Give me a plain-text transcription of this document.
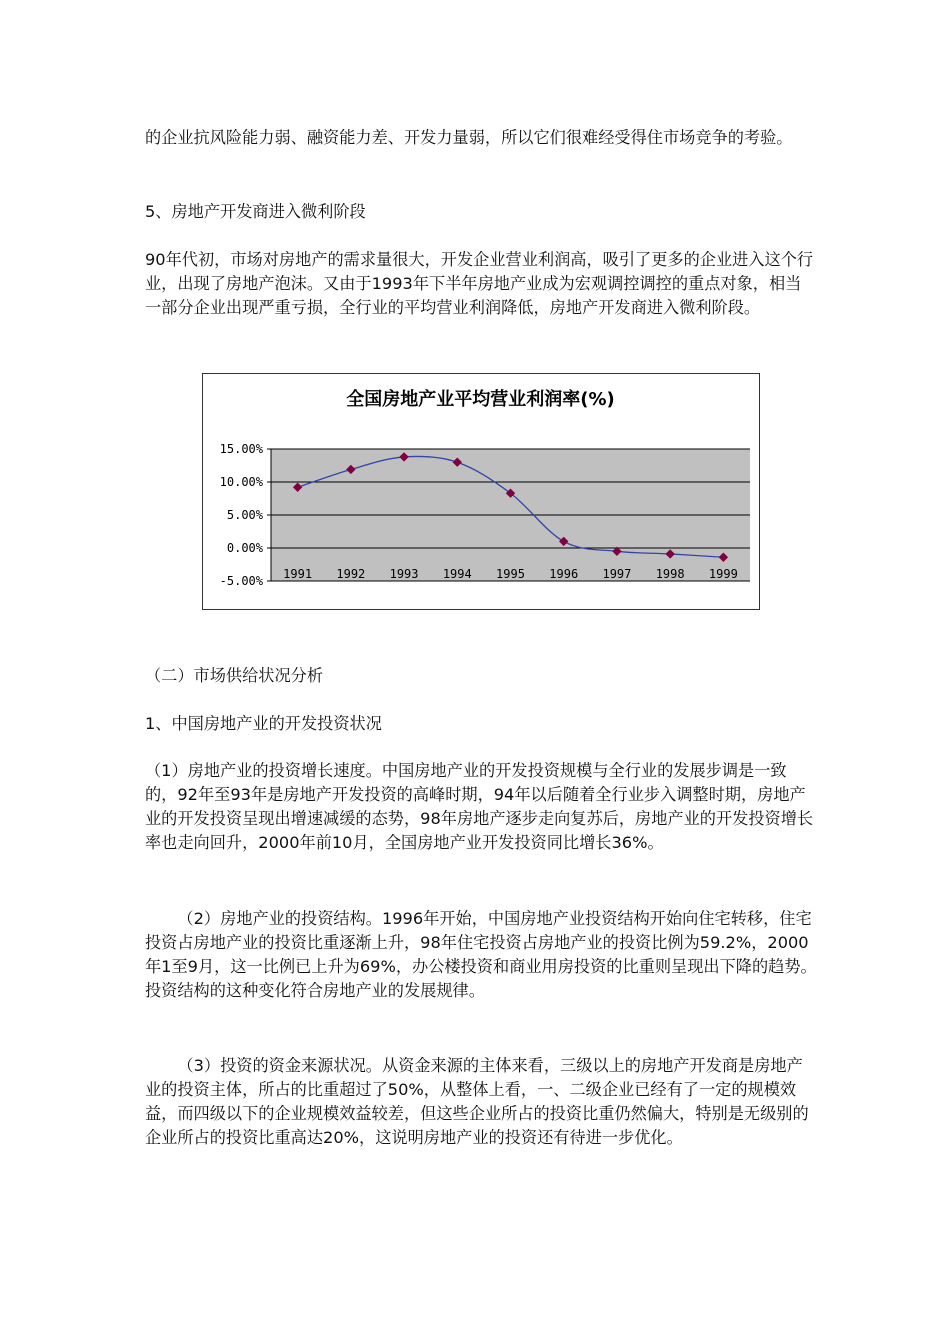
的企业抗风险能力弱、融资能力差、开发力量弱，所以它们很难经受得住市场竞争的考验。

5、房地产开发商进入微利阶段

90年代初，市场对房地产的需求量很大，开发企业营业利润高，吸引了更多的企业进入这个行业，出现了房地产泡沫。又由于1993年下半年房地产业成为宏观调控调控的重点对象，相当一部分企业出现严重亏损，全行业的平均营业利润降低，房地产开发商进入微利阶段。

全国房地产业平均营业利润率(%)
15.00%
10.00%
5.00%
0.00%
-5.00% 1991 1992 1993 1994 1995 1996 1997 1998 1999

（二）市场供给状况分析

1、中国房地产业的开发投资状况

（1）房地产业的投资增长速度。中国房地产业的开发投资规模与全行业的发展步调是一致的，92年至93年是房地产开发投资的高峰时期，94年以后随着全行业步入调整时期，房地产业的开发投资呈现出增速减缓的态势，98年房地产逐步走向复苏后，房地产业的开发投资增长率也走向回升，2000年前10月，全国房地产业开发投资同比增长36%。

（2）房地产业的投资结构。1996年开始，中国房地产业投资结构开始向住宅转移，住宅投资占房地产业的投资比重逐渐上升，98年住宅投资占房地产业的投资比例为59.2%，2000年1至9月，这一比例已上升为69%，办公楼投资和商业用房投资的比重则呈现出下降的趋势。投资结构的这种变化符合房地产业的发展规律。

（3）投资的资金来源状况。从资金来源的主体来看，三级以上的房地产开发商是房地产业的投资主体，所占的比重超过了50%，从整体上看，一、二级企业已经有了一定的规模效益，而四级以下的企业规模效益较差，但这些企业所占的投资比重仍然偏大，特别是无级别的企业所占的投资比重高达20%，这说明房地产业的投资还有待进一步优化。
